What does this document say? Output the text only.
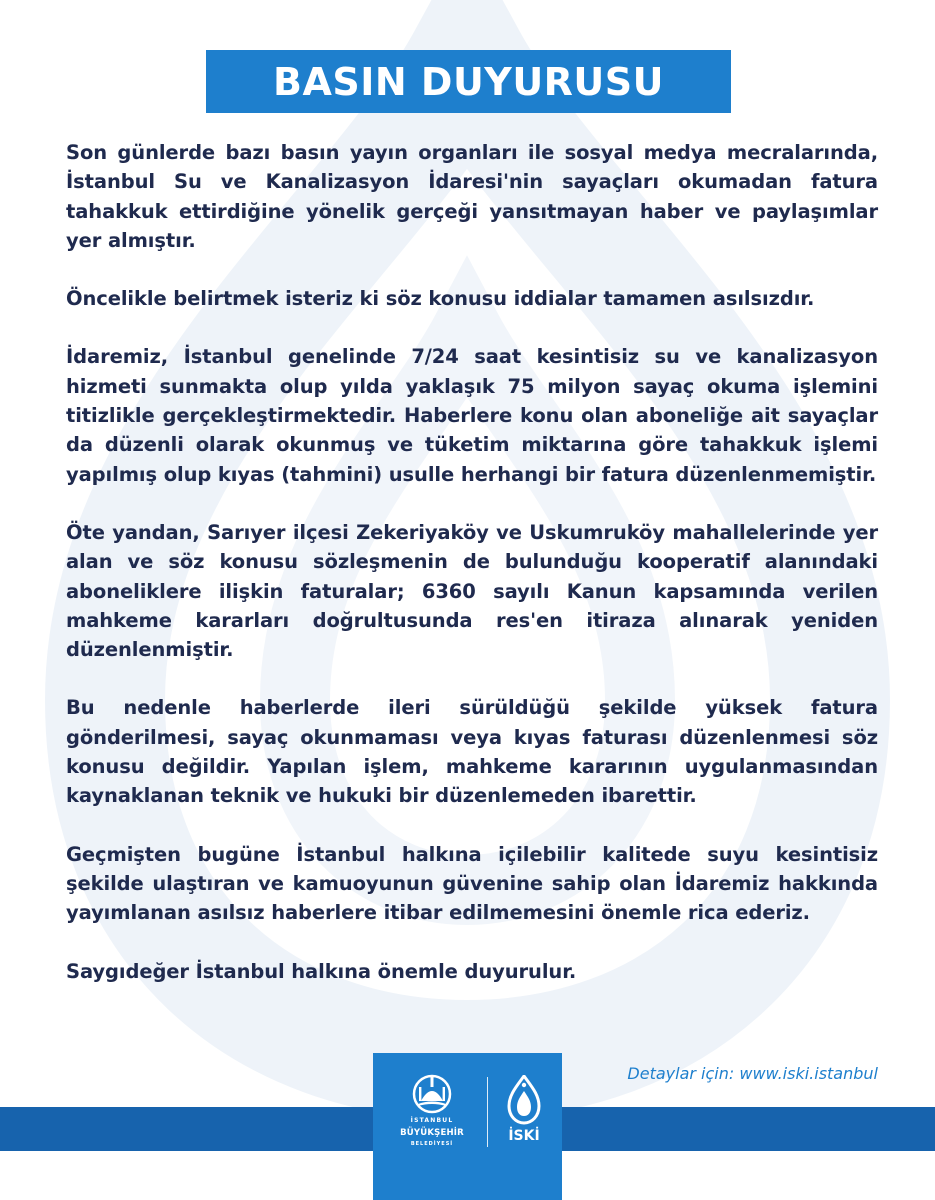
BASIN DUYURUSU

Son günlerde bazı basın yayın organları ile sosyal medya mecralarında, İstanbul Su ve Kanalizasyon İdaresi'nin sayaçları okumadan fatura tahakkuk ettirdiğine yönelik gerçeği yansıtmayan haber ve paylaşımlar yer almıştır.

Öncelikle belirtmek isteriz ki söz konusu iddialar tamamen asılsızdır.

İdaremiz, İstanbul genelinde 7/24 saat kesintisiz su ve kanalizasyon hizmeti sunmakta olup yılda yaklaşık 75 milyon sayaç okuma işlemini titizlikle gerçekleştirmektedir. Haberlere konu olan aboneliğe ait sayaçlar da düzenli olarak okunmuş ve tüketim miktarına göre tahakkuk işlemi yapılmış olup kıyas (tahmini) usulle herhangi bir fatura düzenlenmemiştir.

Öte yandan, Sarıyer ilçesi Zekeriyaköy ve Uskumruköy mahallelerinde yer alan ve söz konusu sözleşmenin de bulunduğu kooperatif alanındaki aboneliklere ilişkin faturalar; 6360 sayılı Kanun kapsamında verilen mahkeme kararları doğrultusunda res'en itiraza alınarak yeniden düzenlenmiştir.

Bu nedenle haberlerde ileri sürüldüğü şekilde yüksek fatura gönderilmesi, sayaç okunmaması veya kıyas faturası düzenlenmesi söz konusu değildir. Yapılan işlem, mahkeme kararının uygulanmasından kaynaklanan teknik ve hukuki bir düzenlemeden ibarettir.

Geçmişten bugüne İstanbul halkına içilebilir kalitede suyu kesintisiz şekilde ulaştıran ve kamuoyunun güvenine sahip olan İdaremiz hakkında yayımlanan asılsız haberlere itibar edilmemesini önemle rica ederiz.

Saygıdeğer İstanbul halkına önemle duyurulur.

Detaylar için: www.iski.istanbul
İSTANBUL
BÜYÜKŞEHİR
BELEDİYESİ	İSKİ
